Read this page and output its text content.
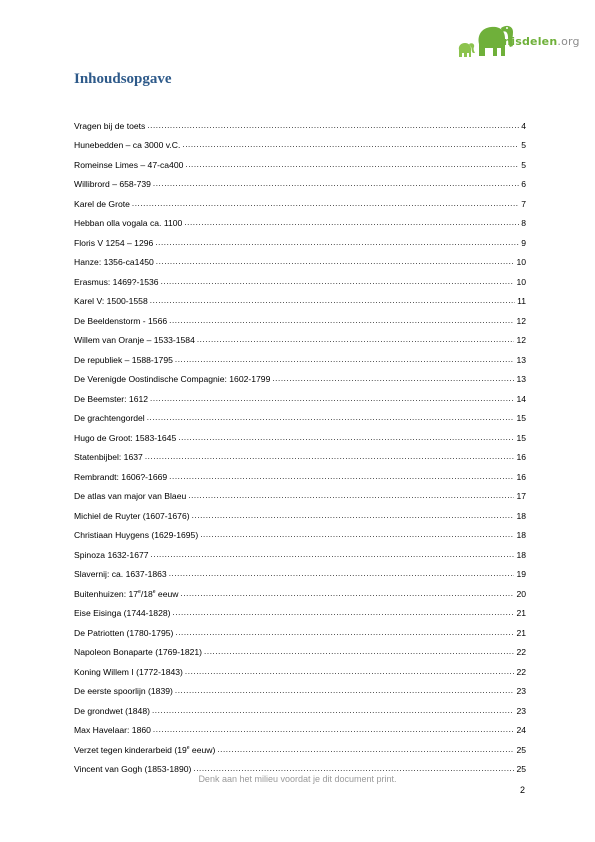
Kennisdelen.org
Inhoudsopgave
Vragen bij de toets .....	4
Hunebedden – ca 3000 v.C. .....	5
Romeinse Limes – 47-ca400 .....	5
Willibrord – 658-739 .....	6
Karel de Grote .....	7
Hebban olla vogala ca. 1100 .....	8
Floris V 1254 – 1296 .....	9
Hanze: 1356-ca1450 .....	10
Erasmus: 1469?-1536 .....	10
Karel V: 1500-1558 .....	11
De Beeldenstorm - 1566 .....	12
Willem van Oranje – 1533-1584 .....	12
De republiek – 1588-1795 .....	13
De Verenigde Oostindische Compagnie: 1602-1799 .....	13
De Beemster: 1612 .....	14
De grachtengordel .....	15
Hugo de Groot: 1583-1645 .....	15
Statenbijbel: 1637 .....	16
Rembrandt: 1606?-1669 .....	16
De atlas van major van Blaeu .....	17
Michiel de Ruyter (1607-1676) .....	18
Christiaan Huygens (1629-1695) .....	18
Spinoza 1632-1677 .....	18
Slavernij: ca. 1637-1863 .....	19
Buitenhuizen: 17e/18e eeuw .....	20
Eise Eisinga (1744-1828) .....	21
De Patriotten (1780-1795) .....	21
Napoleon Bonaparte (1769-1821) .....	22
Koning Willem I (1772-1843) .....	22
De eerste spoorlijn (1839) .....	23
De grondwet (1848) .....	23
Max Havelaar: 1860 .....	24
Verzet tegen kinderarbeid (19e eeuw) .....	25
Vincent van Gogh (1853-1890) .....	25
Denk aan het milieu voordat je dit document print.
2
